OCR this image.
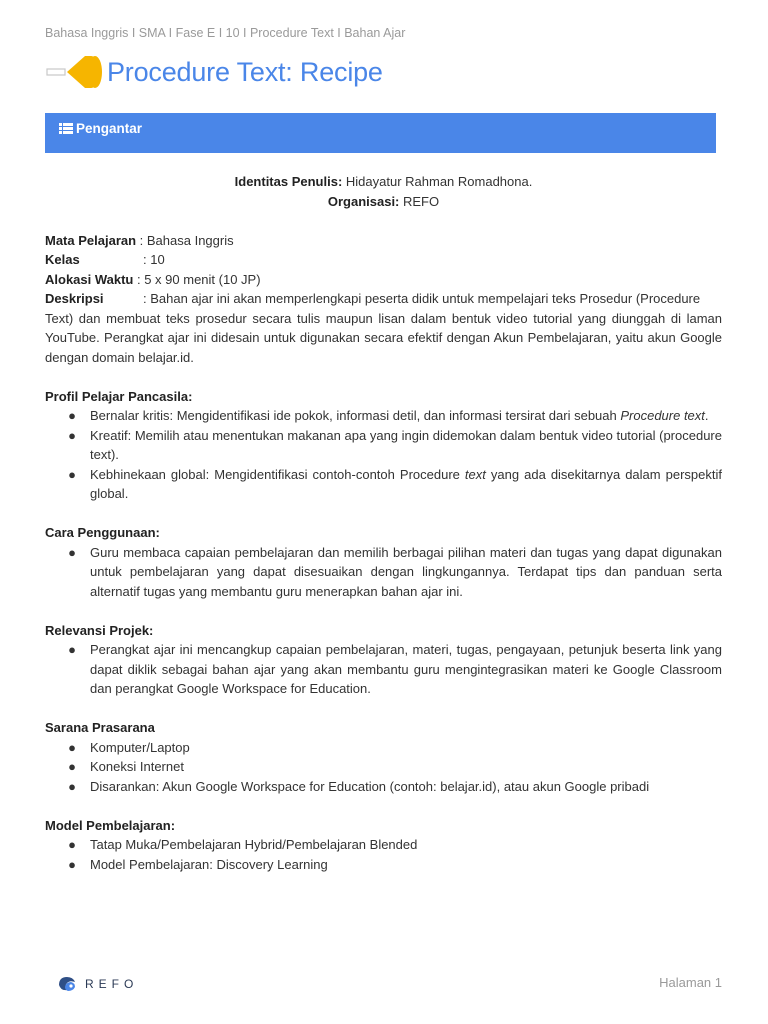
Bahasa Inggris I SMA I Fase E I 10 I Procedure Text I Bahan Ajar
Procedure Text: Recipe
Pengantar
Identitas Penulis: Hidayatur Rahman Romadhona.
Organisasi: REFO
Mata Pelajaran : Bahasa Inggris
Kelas	: 10
Alokasi Waktu : 5 x 90 menit (10 JP)
Deskripsi	: Bahan ajar ini akan memperlengkapi peserta didik untuk mempelajari teks Prosedur (Procedure
Text) dan membuat teks prosedur secara tulis maupun lisan dalam bentuk video tutorial yang diunggah di laman YouTube. Perangkat ajar ini didesain untuk digunakan secara efektif dengan Akun Pembelajaran, yaitu akun Google dengan domain belajar.id.
Profil Pelajar Pancasila:
● Bernalar kritis: Mengidentifikasi ide pokok, informasi detil, dan informasi tersirat dari sebuah Procedure text.
● Kreatif: Memilih atau menentukan makanan apa yang ingin didemokan dalam bentuk video tutorial (procedure text).
● Kebhinekaan global: Mengidentifikasi contoh-contoh Procedure text yang ada disekitarnya dalam perspektif global.
Cara Penggunaan:
● Guru membaca capaian pembelajaran dan memilih berbagai pilihan materi dan tugas yang dapat digunakan untuk pembelajaran yang dapat disesuaikan dengan lingkungannya. Terdapat tips dan panduan serta alternatif tugas yang membantu guru menerapkan bahan ajar ini.
Relevansi Projek:
● Perangkat ajar ini mencangkup capaian pembelajaran, materi, tugas, pengayaan, petunjuk beserta link yang dapat diklik sebagai bahan ajar yang akan membantu guru mengintegrasikan materi ke Google Classroom dan perangkat Google Workspace for Education.
Sarana Prasarana
● Komputer/Laptop
● Koneksi Internet
● Disarankan: Akun Google Workspace for Education (contoh: belajar.id), atau akun Google pribadi
Model Pembelajaran:
● Tatap Muka/Pembelajaran Hybrid/Pembelajaran Blended
● Model Pembelajaran: Discovery Learning
REFO	Halaman 1
